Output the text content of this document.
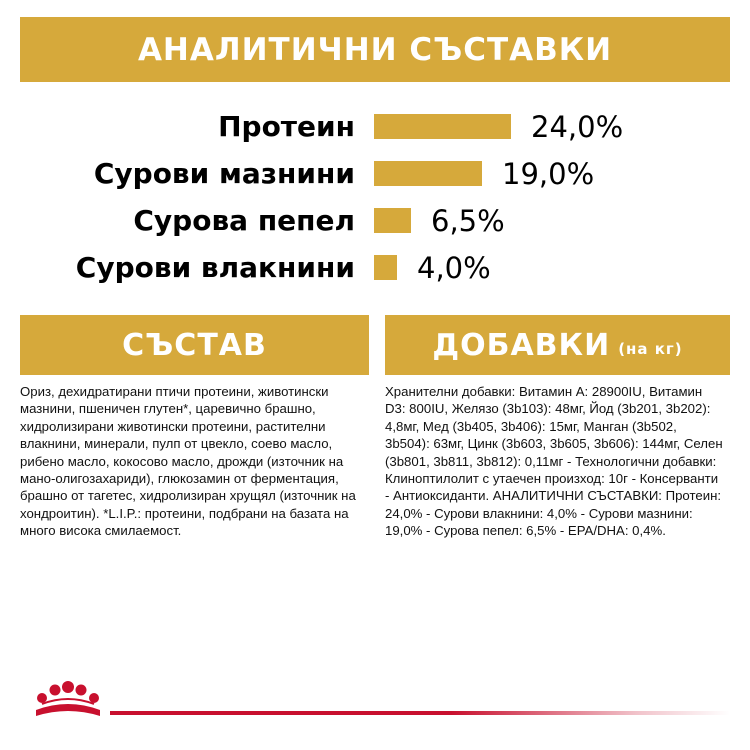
АНАЛИТИЧНИ СЪСТАВКИ
Протеин	24,0%
Сурови мазнини	19,0%
Сурова пепел	6,5%
Сурови влакнини 4,0%
СЪСТАВ	ДОБАВКИ (на кг)
Ориз, дехидратирани птичи протеини, животински мазнини, пшеничен глутен*, царевично брашно, хидролизирани животински протеини, растителни влакнини, минерали, пулп от цвекло, соево масло, рибено масло, кокосово масло, дрожди (източник на мано-олигозахариди), глюкозамин от ферментация, брашно от тагетес, хидролизиран хрущял (източник на хондроитин). *L.I.P.: протеини, подбрани на базата на много висока смилаемост.
Хранителни добавки: Витамин А: 28900IU, Витамин D3: 800IU, Желязо (3b103): 48мг, Йод (3b201, 3b202): 4,8мг, Мед (3b405, 3b406): 15мг, Манган (3b502, 3b504): 63мг, Цинк (3b603, 3b605, 3b606): 144мг, Селен (3b801, 3b811, 3b812): 0,11мг - Технологични добавки: Клиноптилолит с утаечен произход: 10г - Консерванти - Антиоксиданти. АНАЛИТИЧНИ СЪСТАВКИ: Протеин: 24,0% - Сурови влакнини: 4,0% - Сурови мазнини: 19,0% - Сурова пепел: 6,5% - EPA/DHA: 0,4%.
